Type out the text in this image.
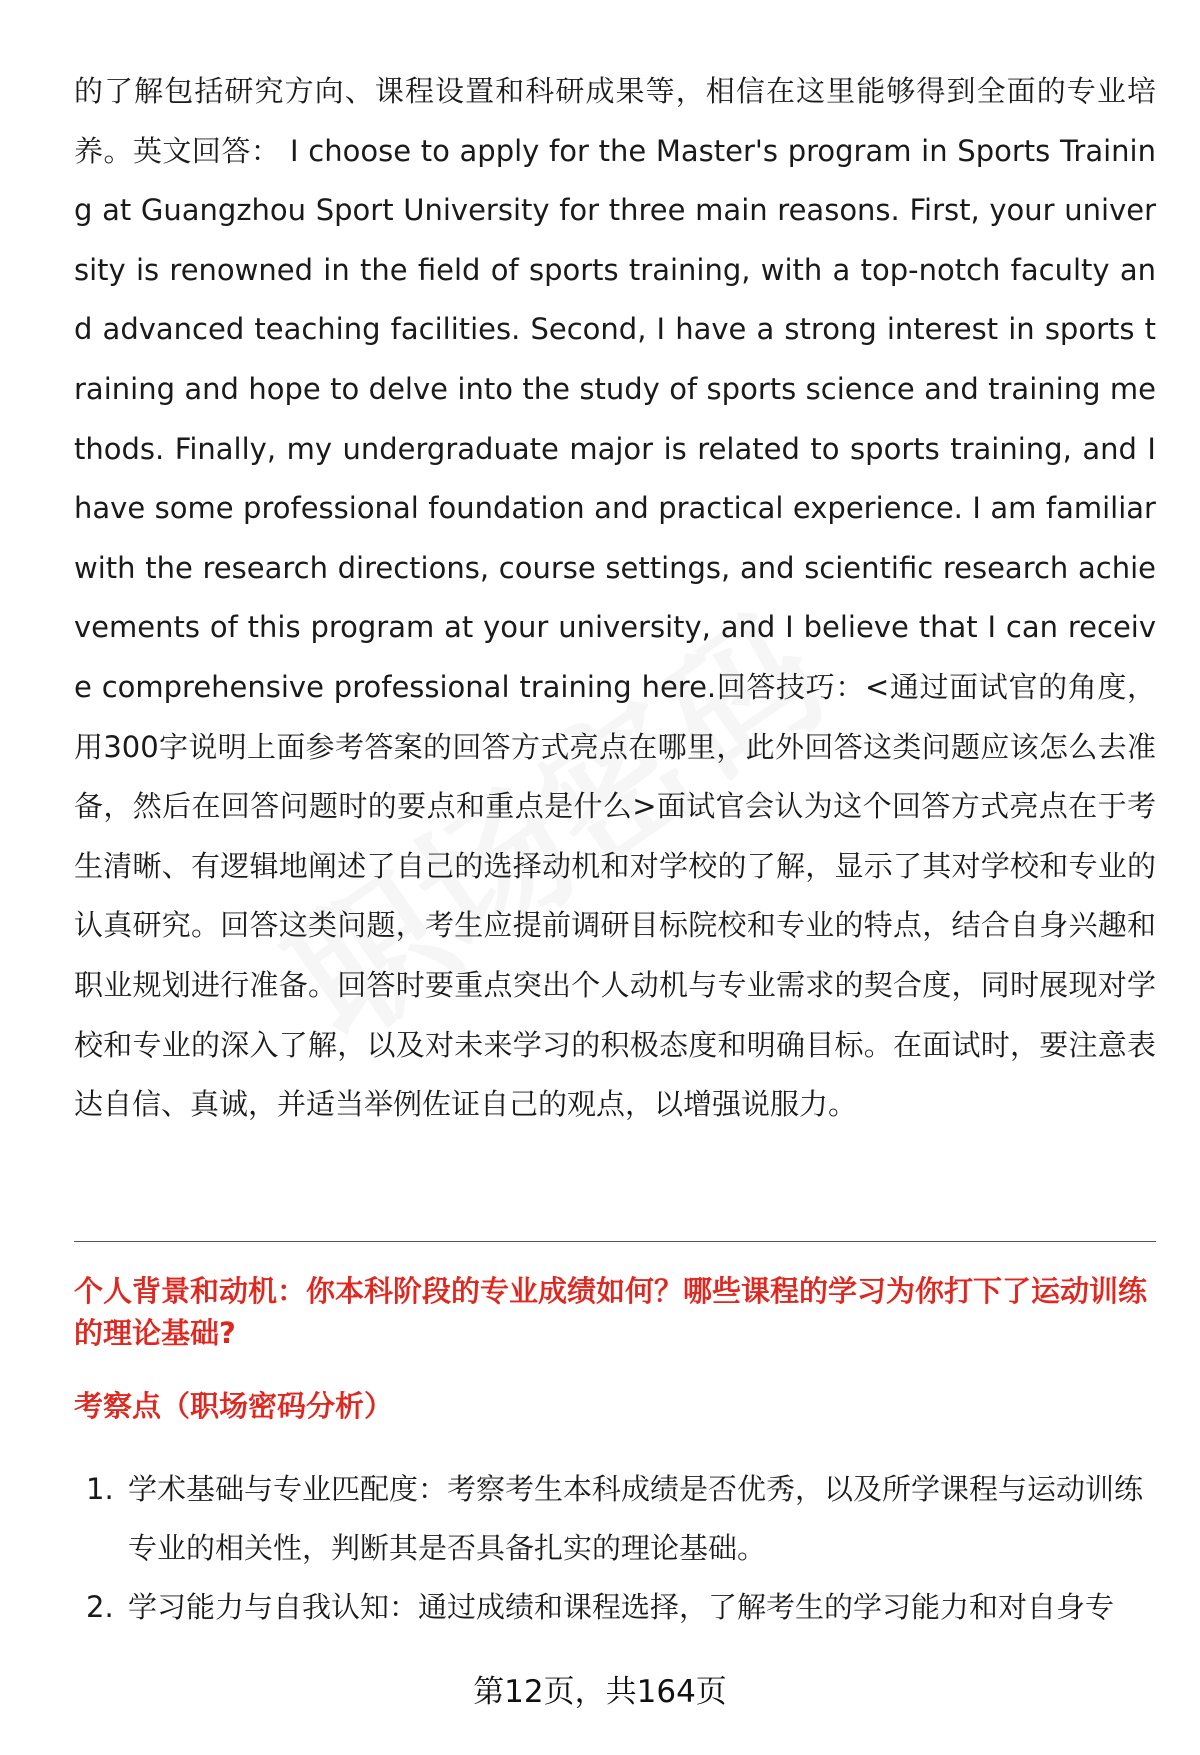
的了解包括研究方向、课程设置和科研成果等，相信在这里能够得到全面的专业培养。英文回答： I choose to apply for the Master's program in Sports Training at Guangzhou Sport University for three main reasons. First, your university is renowned in the field of sports training, with a top-notch faculty and advanced teaching facilities. Second, I have a strong interest in sports training and hope to delve into the study of sports science and training methods. Finally, my undergraduate major is related to sports training, and I have some professional foundation and practical experience. I am familiar with the research directions, course settings, and scientific research achievements of this program at your university, and I believe that I can receive comprehensive professional training here.回答技巧：<通过面试官的角度，用300字说明上面参考答案的回答方式亮点在哪里，此外回答这类问题应该怎么去准备，然后在回答问题时的要点和重点是什么>面试官会认为这个回答方式亮点在于考生清晰、有逻辑地阐述了自己的选择动机和对学校的了解，显示了其对学校和专业的认真研究。回答这类问题，考生应提前调研目标院校和专业的特点，结合自身兴趣和职业规划进行准备。回答时要重点突出个人动机与专业需求的契合度，同时展现对学校和专业的深入了解，以及对未来学习的积极态度和明确目标。在面试时，要注意表达自信、真诚，并适当举例佐证自己的观点，以增强说服力。

个人背景和动机：你本科阶段的专业成绩如何？哪些课程的学习为你打下了运动训练的理论基础?

考察点（职场密码分析）

1. 学术基础与专业匹配度：考察考生本科成绩是否优秀，以及所学课程与运动训练专业的相关性，判断其是否具备扎实的理论基础。
2. 学习能力与自我认知：通过成绩和课程选择，了解考生的学习能力和对自身专
第12页，共164页
